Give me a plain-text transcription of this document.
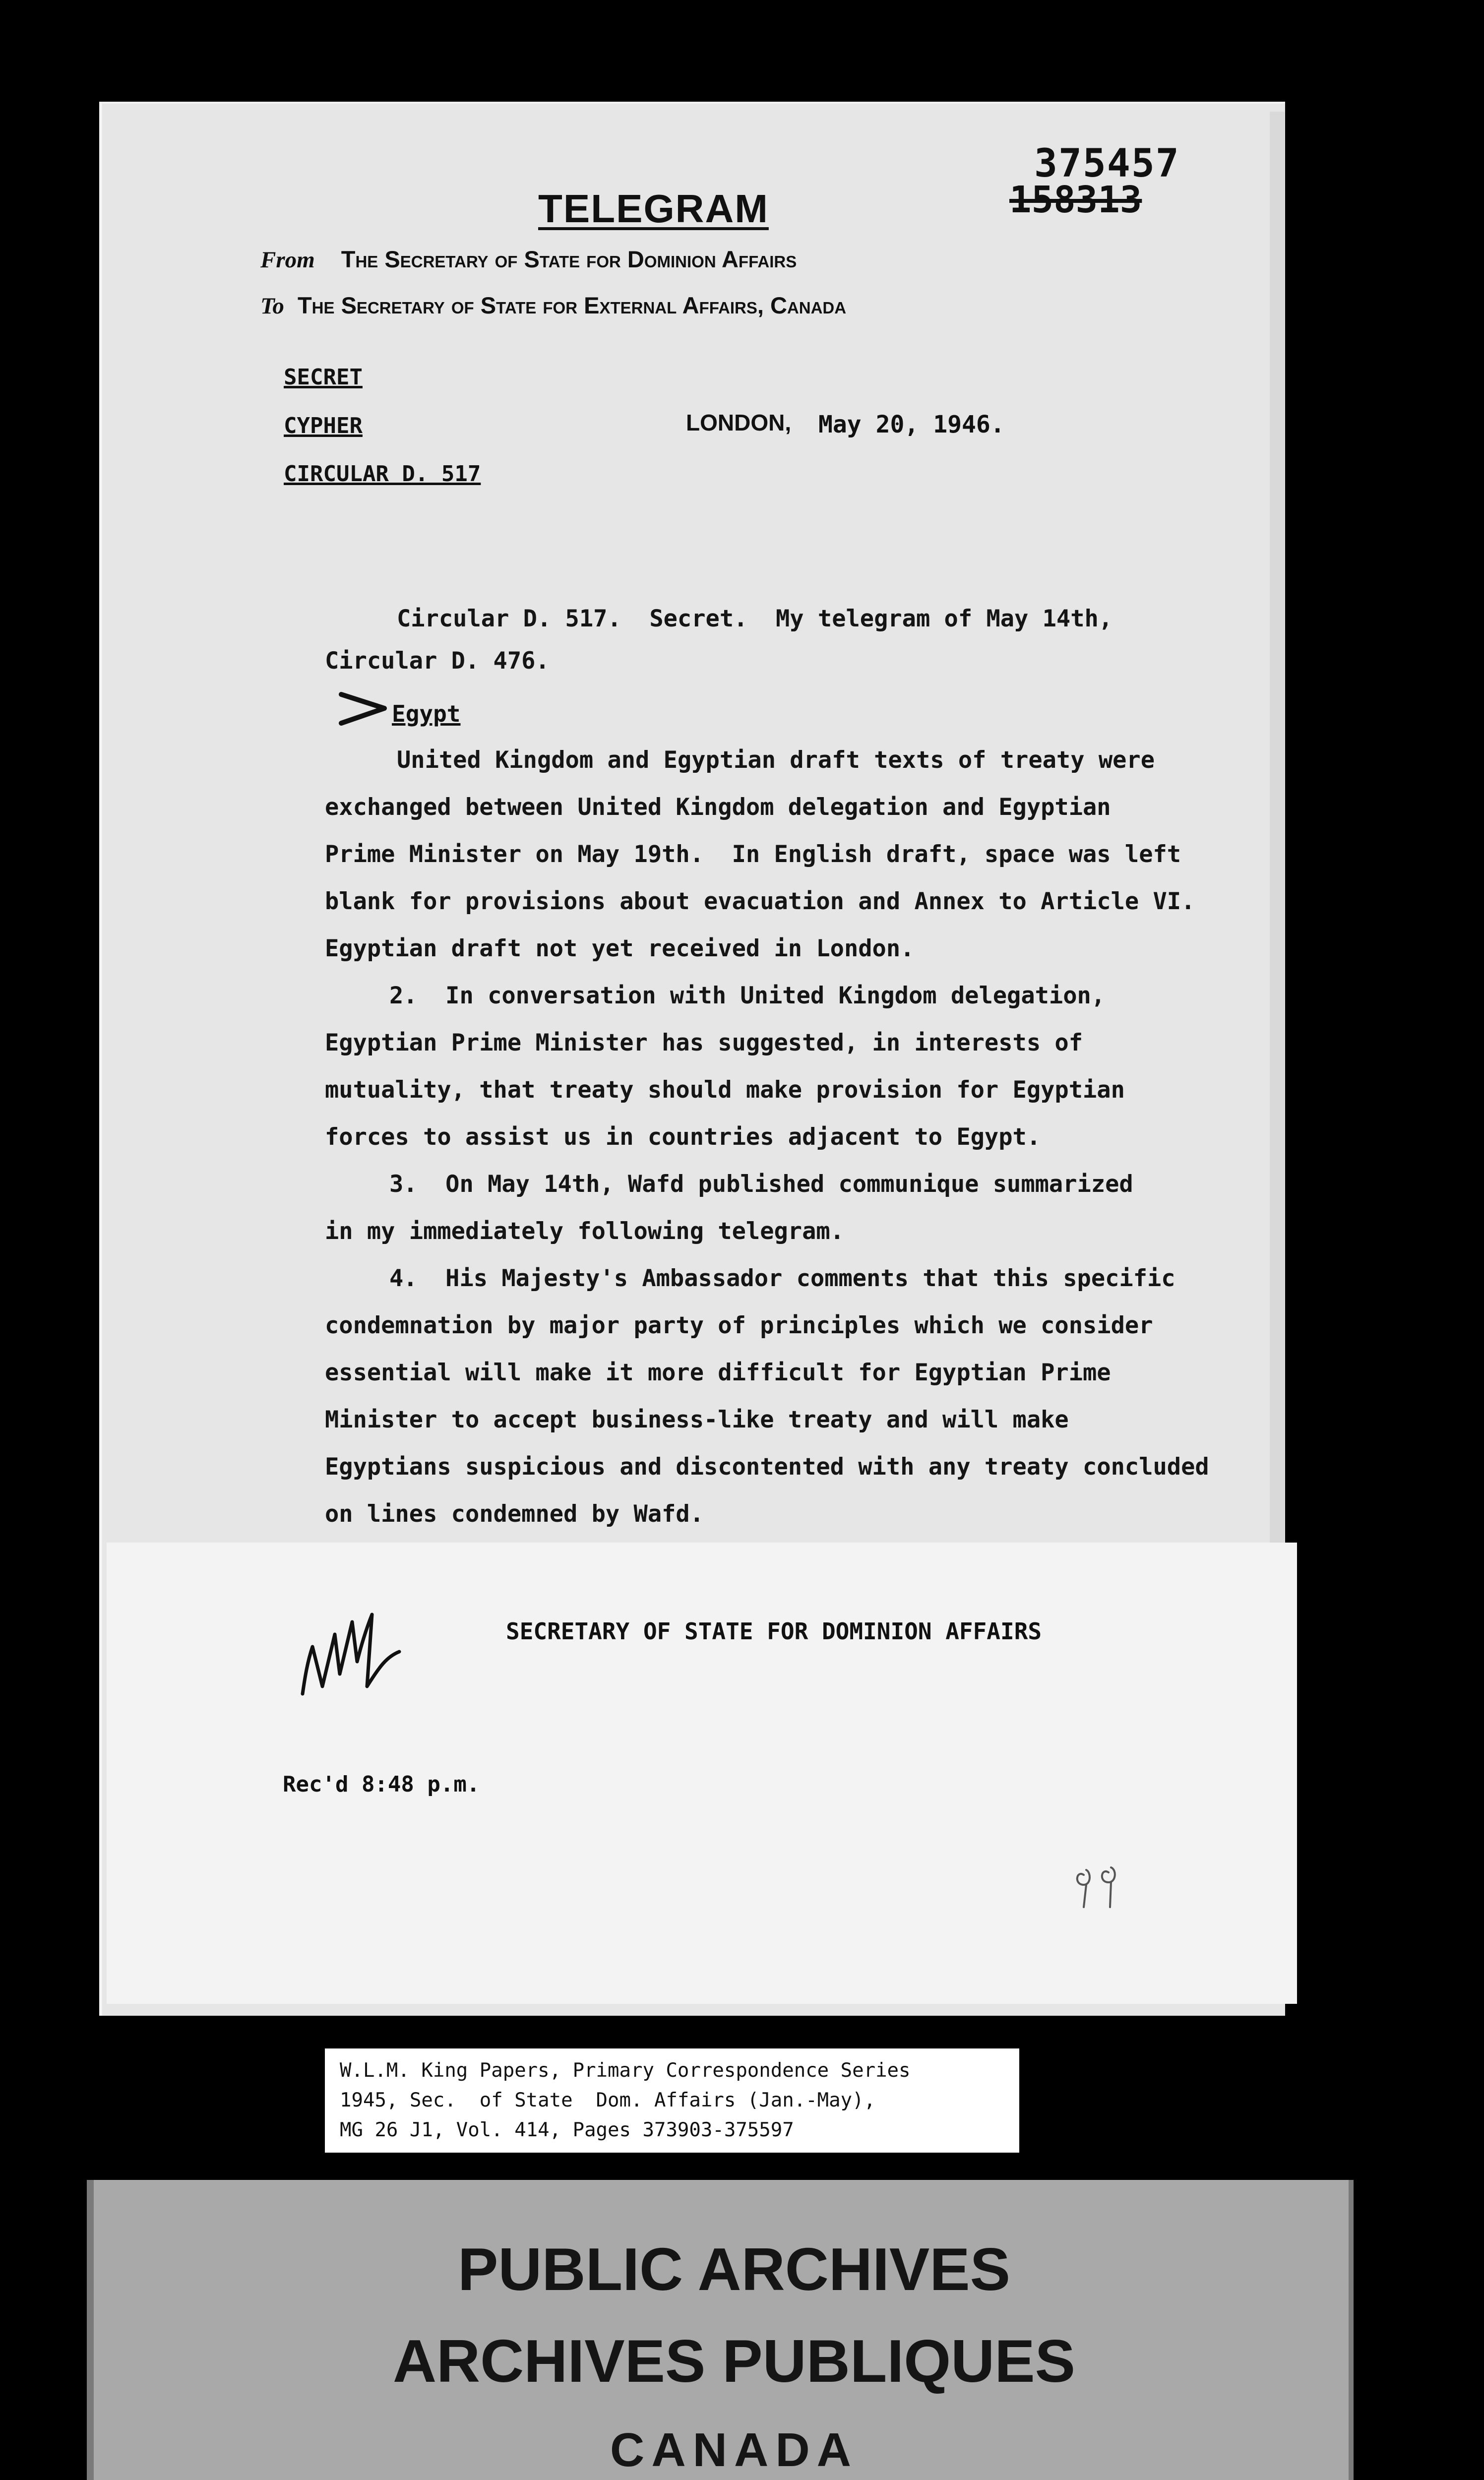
375457
158313
TELEGRAM
From The Secretary of State for Dominion Affairs
To The Secretary of State for External Affairs, Canada
SECRET
CYPHER
CIRCULAR D. 517
LONDON, May 20, 1946.
Circular D. 517.  Secret.  My telegram of May 14th,
Circular D. 476.
Egypt
United Kingdom and Egyptian draft texts of treaty were
exchanged between United Kingdom delegation and Egyptian
Prime Minister on May 19th.  In English draft, space was left
blank for provisions about evacuation and Annex to Article VI.
Egyptian draft not yet received in London.
2.  In conversation with United Kingdom delegation,
Egyptian Prime Minister has suggested, in interests of
mutuality, that treaty should make provision for Egyptian
forces to assist us in countries adjacent to Egypt.
3.  On May 14th, Wafd published communique summarized
in my immediately following telegram.
4.  His Majesty's Ambassador comments that this specific
condemnation by major party of principles which we consider
essential will make it more difficult for Egyptian Prime
Minister to accept business-like treaty and will make
Egyptians suspicious and discontented with any treaty concluded
on lines condemned by Wafd.
SECRETARY OF STATE FOR DOMINION AFFAIRS
Rec'd 8:48 p.m.
W.L.M. King Papers, Primary Correspondence Series
1945, Sec.  of State  Dom. Affairs (Jan.-May),
MG 26 J1, Vol. 414, Pages 373903-375597
PUBLIC ARCHIVES
ARCHIVES PUBLIQUES
CANADA
